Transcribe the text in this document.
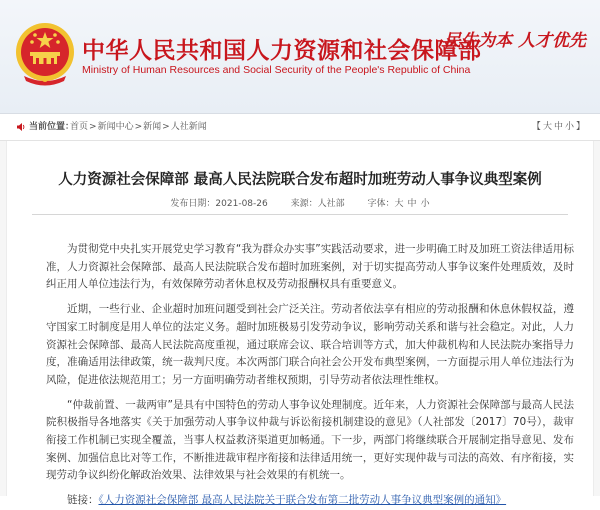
中华人民共和国人力资源和社会保障部
Ministry of Human Resources and Social Security of the People's Republic of China
民生为本 人才优先
当前位置：
首页>新闻中心>新闻>人社新闻	【 大 中 小 】
人力资源社会保障部 最高人民法院联合发布超时加班劳动人事争议典型案例
发布日期：2021-08-26	来源：人社部	字体：大 中 小

为贯彻党中央扎实开展党史学习教育“我为群众办实事”实践活动要求，进一步明确工时及加班工资法律适用标准，人力资源社会保障部、最高人民法院联合发布超时加班案例，对于切实提高劳动人事争议案件处理质效，及时纠正用人单位违法行为，有效保障劳动者休息权及劳动报酬权具有重要意义。

近期，一些行业、企业超时加班问题受到社会广泛关注。劳动者依法享有相应的劳动报酬和休息休假权益，遵守国家工时制度是用人单位的法定义务。超时加班极易引发劳动争议，影响劳动关系和谐与社会稳定。对此，人力资源社会保障部、最高人民法院高度重视，通过联席会议、联合培训等方式，加大仲裁机构和人民法院办案指导力度，准确适用法律政策，统一裁判尺度。本次两部门联合向社会公开发布典型案例，一方面提示用人单位违法行为风险，促进依法规范用工；另一方面明确劳动者维权预期，引导劳动者依法理性维权。

“仲裁前置、一裁两审”是具有中国特色的劳动人事争议处理制度。近年来，人力资源社会保障部与最高人民法院积极指导各地落实《关于加强劳动人事争议仲裁与诉讼衔接机制建设的意见》（人社部发〔2017〕70号），裁审衔接工作机制已实现全覆盖，当事人权益救济渠道更加畅通。下一步，两部门将继续联合开展制定指导意见、发布案例、加强信息比对等工作，不断推进裁审程序衔接和法律适用统一，更好实现仲裁与司法的高效、有序衔接，实现劳动争议纠纷化解政治效果、法律效果与社会效果的有机统一。

链接：《人力资源社会保障部 最高人民法院关于联合发布第二批劳动人事争议典型案例的通知》
